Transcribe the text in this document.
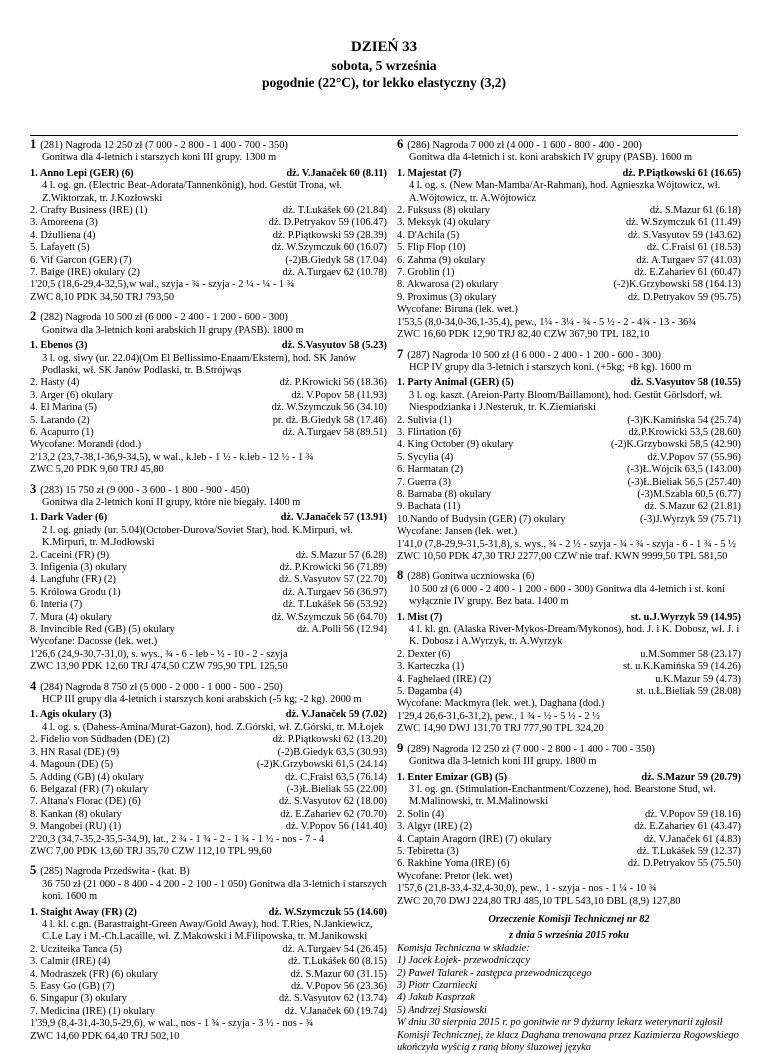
DZIEŃ 33
sobota, 5 września
pogodnie (22°C), tor lekko elastyczny (3,2)
1 (281) Nagroda 12 250 zł (7 000 - 2 800 - 1 400 - 700 - 350)
Gonitwa dla 4-letnich i starszych koni III grupy. 1300 m
1. Anno Lepi (GER) (6)	dż. V.Janaček 60 (8.11)
4 l. og. gn. (Electric Beat-Adorata/Tannenkönig), hod. Gestüt Trona, wł. Z.Wiktorzak, tr. J.Kozłowski
2. Crafty Business (IRE) (1)	dż. T.Lukášek 60 (21.84)
3. Amoreena (3)	dż. D.Petryakov 59 (106.47)
4. Dżulliena (4)	dż. P.Piątkowski 59 (28.39)
5. Lafayett (5)	dż. W.Szymczuk 60 (16.07)
6. Vif Garcon (GER) (7)	(-2)B.Giedyk 58 (17.04)
7. Baige (IRE) okulary (2)	dż. A.Turgaev 62 (10.78)
1'20,5 (18,6-29,4-32,5),w wal., szyja - ¾ - szyja - 2 ¼ - ¼ - 1 ¾
ZWC 8,10 PDK 34,50 TRJ 793,50
2 (282) Nagroda 10 500 zł (6 000 - 2 400 - 1 200 - 600 - 300)
Gonitwa dla 3-letnich koni arabskich II grupy (PASB). 1800 m
1. Ebenos (3)	dż. S.Vasyutov 58 (5.23)
3 l. og. siwy (ur. 22.04)(Om El Bellissimo-Enaam/Ekstern), hod. SK Janów Podlaski, wł. SK Janów Podlaski, tr. B.Strójwąs
2. Hasty (4)	dż. P.Krowicki 56 (18.36)
3. Arger (6) okulary	dż. V.Popov 58 (11.93)
4. El Marina (5)	dż. W.Szymczuk 56 (34.10)
5. Larando (2)	pr. dż. B.Giedyk 58 (17.46)
6. Acapurro (1)	dż. A.Turgaev 58 (89.51)
Wycofane: Morandi (dod.)
2'13,2 (23,7-38,1-36,9-34,5), w wal., k.leb - 1 ½ - k.leb - 12 ½ - 1 ¾
ZWC 5,20 PDK 9,60 TRJ 45,80
3 (283) 15 750 zł (9 000 - 3 600 - 1 800 - 900 - 450)
Gonitwa dla 2-letnich koni II grupy, które nie biegały. 1400 m
1. Dark Vader (6)	dż. V.Janaček 57 (13.91)
2 l. og. gniady (ur. 5.04)(October-Durova/Soviet Star), hod. K.Mirpuri, wł. K.Mirpuri, tr. M.Jodłowski
2. Caceini (FR) (9)	dż. S.Mazur 57 (6.28)
3. Infigenia (3) okulary	dż. P.Krowicki 56 (71.89)
4. Langfuhr (FR) (2)	dż. S.Vasyutov 57 (22.70)
5. Królowa Grodu (1)	dż. A.Turgaev 56 (36.97)
6. Interia (7)	dż. T.Lukášek 56 (53.92)
7. Mura (4) okulary	dż. W.Szymczuk 56 (64.70)
8. Invincible Red (GB) (5) okulary	dż. A.Polli 56 (12.94)
Wycofane: Dacosse (lek. wet.)
1'26,6 (24,9-30,7-31,0), s. wys., ¾ - 6 - leb - ½ - 10 - 2 - szyja
ZWC 13,90 PDK 12,60 TRJ 474,50 CZW 795,90 TPL 125,50
4 (284) Nagroda 8 750 zł (5 000 - 2 000 - 1 000 - 500 - 250)
HCP III grupy dla 4-letnich i starszych koni arabskich (-5 kg; -2 kg). 2000 m
1. Agis okulary (3)	dż. V.Janaček 59 (7.02)
4 l. og. s. (Dahess-Amina/Murat-Gazon), hod. Z.Górski, wł. Z.Górski, tr. M.Łojek
2. Fidelio von Südbaden (DE) (2)	dż. P.Piątkowski 62 (13.20)
3. HN Rasal (DE) (9)	(-2)B.Giedyk 63,5 (30.93)
4. Magoun (DE) (5)	(-2)K.Grzybowski 61,5 (24.14)
5. Adding (GB) (4) okulary	dż. C.Fraisl 63,5 (76.14)
6. Belgazal (FR) (7) okulary	(-3)Ł.Bieliak 55 (22.00)
7. Altana's Florac (DE) (6)	dż. S.Vasyutov 62 (18.00)
8. Kankan (8) okulary	dż. E.Zahariev 62 (70.70)
9. Mangobei (RU) (1)	dż. V.Popov 56 (141.40)
2'20,3 (34,7-35,2-35,5-34,9), łat., 2 ¾ - 1 ¾ - 2 - 1 ¾ - 1 ½ - nos - 7 - 4
ZWC 7,00 PDK 13,60 TRJ 35,70 CZW 112,10 TPL 99,60
5 (285) Nagroda Przedświta - (kat. B)
36 750 zł (21 000 - 8 400 - 4 200 - 2 100 - 1 050) Gonitwa dla 3-letnich i starszych koni. 1600 m
1. Staight Away (FR) (2)	dż. W.Szymczuk 55 (14.60)
4 l. kl. c.gn. (Barastraight-Green Away/Gold Away), hod. T.Ries, N.Jankiewicz, C.Le Lay i M.-Ch.Lacaille, wł. Z.Makowski i M.Filipowska, tr. M.Janikowski
2. Ucziteika Tanca (5)	dż. A.Turgaev 54 (26.45)
3. Calmir (IRE) (4)	dż. T.Lukášek 60 (8.15)
4. Modraszek (FR) (6) okulary	dż. S.Mazur 60 (31.15)
5. Easy Go (GB) (7)	dż. V.Popov 56 (23.36)
6. Singapur (3) okulary	dż. S.Vasyutov 62 (13.74)
7. Medicina (IRE) (1) okulary	dż. V.Janaček 60 (19.74)
1'39,9 (8,4-31,4-30,5-29,6), w wal., nos - 1 ¾ - szyja - 3 ½ - nos - ¾
ZWC 14,60 PDK 64,40 TRJ 502,10
6 (286) Nagroda 7 000 zł (4 000 - 1 600 - 800 - 400 - 200)
Gonitwa dla 4-letnich i st. koni arabskich IV grupy (PASB). 1600 m
1. Majestat (7)	dż. P.Piątkowski 61 (16.65)
4 l. og. s. (New Man-Mamba/Ar-Rahman), hod. Agnieszka Wójtowicz, wł. A.Wójtowicz, tr. A.Wójtowicz
2. Fuksuss (8) okulary	dż. S.Mazur 61 (6.18)
3. Meksyk (4) okulary	dż. W.Szymczuk 61 (11.49)
4. D'Achila (5)	dż. S.Vasyutov 59 (143.62)
5. Flip Flop (10)	dż. C.Fraisl 61 (18.53)
6. Zahma (9) okulary	dż. A.Turgaev 57 (41.03)
7. Groblin (1)	dż. E.Zahariev 61 (60.47)
8. Akwarosa (2) okulary	(-2)K.Grzybowski 58 (164.13)
9. Proximus (3) okulary	dż. D.Petryakov 59 (95.75)
Wycofane: Biruna (lek. wet.)
1'53,5 (8,0-34,0-36,1-35,4), pew., 1¼ - 3¼ - ¾ - 5 ½ - 2 - 4¾ - 13 - 36¾
ZWC 16,60 PDK 12,90 TRJ 82,40 CZW 367,90 TPL 182,10
7 (287) Nagroda 10 500 zł (I 6 000 - 2 400 - 1 200 - 600 - 300)
HCP IV grupy dla 3-letnich i starszych koni. (+5kg; +8 kg). 1600 m
1. Party Animal (GER) (5)	dż. S.Vasyutov 58 (10.55)
3 l. og. kaszt. (Areion-Party Bloom/Baillamont), hod. Gestüt Görlsdorf, wł. Niespodzianka i J.Nesteruk, tr. K.Ziemiański
2. Sulivia (1)	(-3)K.Kamińska 54 (25.74)
3. Flirtation (6)	dż.P.Krowicki 53,5 (28.60)
4. King October (9) okulary	(-2)K.Grzybowski 58,5 (42.90)
5. Sycylia (4)	dż.V.Popov 57 (55.96)
6. Harmatan (2)	(-3)Ł.Wójcik 63,5 (143.00)
7. Guerra (3)	(-3)Ł.Bieliak 56,5 (257.40)
8. Barnaba (8) okulary	(-3)M.Szabla 60,5 (6.77)
9. Bachata (11)	dż. S.Mazur 62 (21.81)
10.Nando of Budysin (GER) (7) okulary	(-3)J.Wyrzyk 59 (75.71)
Wycofane: Jansen (lek. wet.)
1'41,0 (7,8-29,9-31,5-31,8), s. wys., ¾ - 2 ½ - szyja - ¾ - ¾ - szyja - 6 - 1 ¾ - 5 ½
ZWC 10,50 PDK 47,30 TRJ 2277,00 CZW nie traf. KWN 9999,50 TPL 581,50
8 (288) Gonitwa uczniowska (6)
10 500 zł (6 000 - 2 400 - 1 200 - 600 - 300) Gonitwa dla 4-letnich i st. koni wyłącznie IV grupy. Bez bata. 1400 m
1. Mist (7)	st. u.J.Wyrzyk 59 (14.95)
4 l. kl. gn. (Alaska River-Mykos-Dream/Mykonos), hod. J. i K. Dobosz, wł. J. i K. Dobosz i A.Wyrzyk, tr. A.Wyrzyk
2. Dexter (6)	u.M.Sommer 58 (23.17)
3. Karteczka (1)	st. u.K.Kamińska 59 (14.26)
4. Faghelaed (IRE) (2)	u.K.Mazur 59 (4.73)
5. Dagamba (4)	st. u.Ł.Bieliak 59 (28.08)
Wycofane: Mackmyra (lek. wet.), Daghana (dod.)
1'29,4 26,6-31,6-31,2), pew., 1 ¾ - ½ - 5 ½ - 2 ½
ZWC 14,90 DWJ 131,70 TRJ 777,90 TPL 324,20
9 (289) Nagroda 12 250 zł (7 000 - 2 800 - 1 400 - 700 - 350)
Gonitwa dla 3-letnich koni III grupy. 1800 m
1. Enter Emizar (GB) (5)	dż. S.Mazur 59 (20.79)
3 l. og. gn. (Stimulation-Enchantment/Cozzene), hod. Bearstone Stud, wł. M.Malinowski, tr. M.Malinowski
2. Solin (4)	dż. V.Popov 59 (18.16)
3. Algyr (IRE) (2)	dż. E.Zahariev 61 (43.47)
4. Captain Aragorn (IRE) (7) okulary	dż. V.Janaček 61 (4.83)
5. Tebiretta (3)	dż. T.Lukášek 59 (12.37)
6. Rakhine Yoma (IRE) (6)	dż. D.Petryakov 55 (75.50)
Wycofane: Pretor (lek. wet)
1'57,6 (21,8-33,4-32,4-30,0), pew., 1 - szyja - nos - 1 ¼ - 10 ¾
ZWC 20,70 DWJ 224,80 TRJ 485,10 TPL 543,10 DBL (8,9) 127,80
Orzeczenie Komisji Technicznej nr 82
z dnia 5 września 2015 roku
Komisja Techniczna w składzie:
1) Jacek Łojek- przewodniczący
2) Paweł Talarek - zastępca przewodniczącego
3) Piotr Czarniecki
4) Jakub Kasprzak
5) Andrzej Stasiowski
W dniu 30 sierpnia 2015 r. po gonitwie nr 9 dyżurny lekarz weterynarii zgłosił Komisji Technicznej, że klacz Daghana trenowana przez Kazimierza Rogowskiego ukończyła wyścig z raną błony śluzowej języka
